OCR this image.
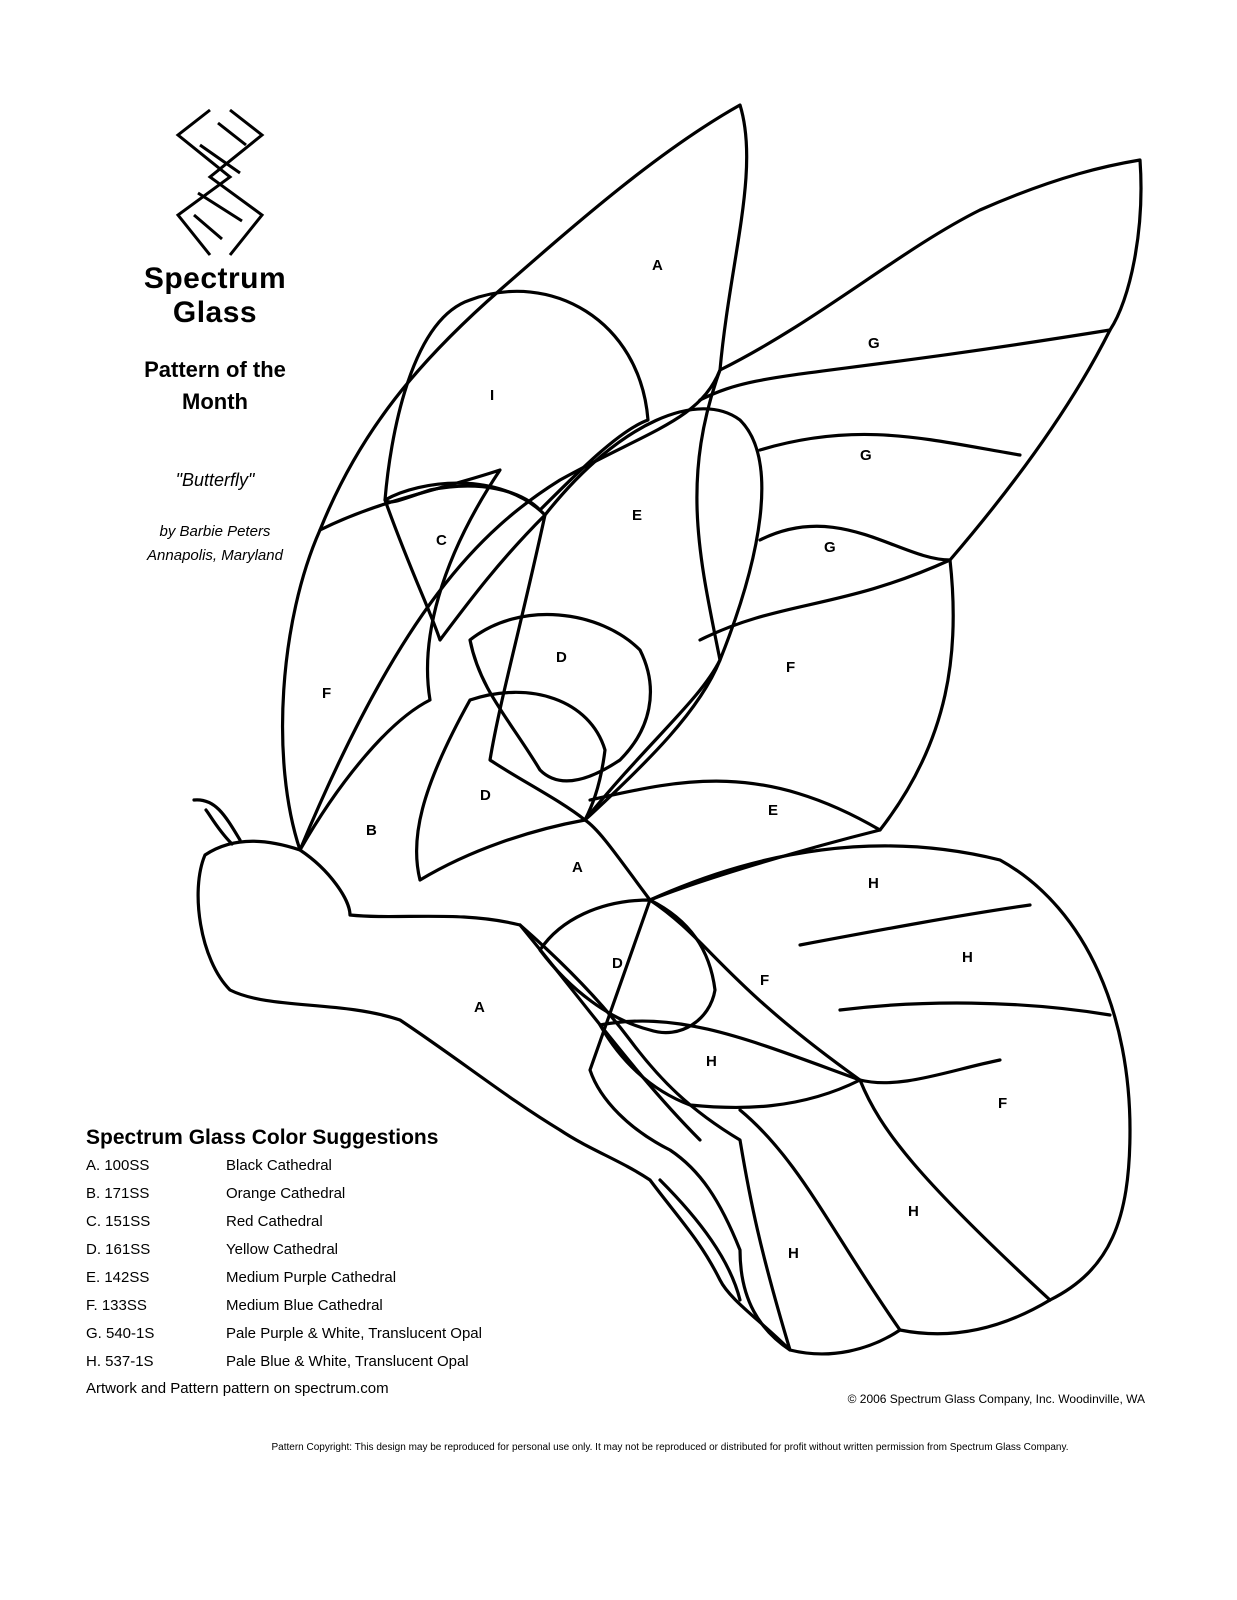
Spectrum
Glass
Pattern of the
Month
"Butterfly"
by Barbie Peters
Annapolis, Maryland
A
I
C
E
G
G
G
F
F
D
D
B
E
A
H
H
D
F
F
A
H
H
H

Spectrum Glass Color Suggestions

A. 100SS	Black Cathedral
B. 171SS	Orange Cathedral
C. 151SS	Red Cathedral
D. 161SS	Yellow Cathedral
E. 142SS	Medium Purple Cathedral
F. 133SS	Medium Blue Cathedral
G. 540-1S	Pale Purple & White, Translucent Opal
H. 537-1S	Pale Blue & White, Translucent Opal
Artwork and Pattern pattern on spectrum.com
© 2006 Spectrum Glass Company, Inc. Woodinville, WA
Pattern Copyright: This design may be reproduced for personal use only. It may not be reproduced or distributed for profit without written permission from Spectrum Glass Company.
